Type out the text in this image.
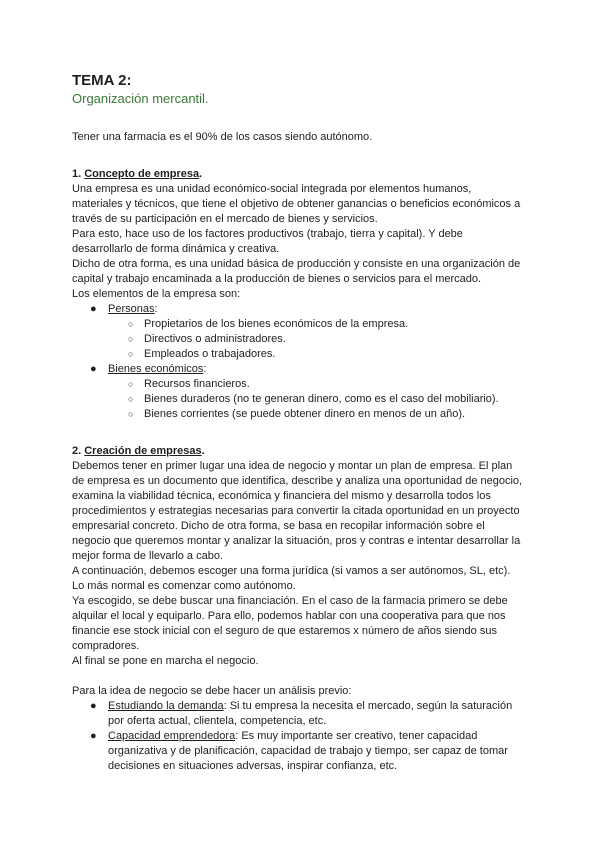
TEMA 2:

Organización mercantil.

Tener una farmacia es el 90% de los casos siendo autónomo.

1. Concepto de empresa.

Una empresa es una unidad económico-social integrada por elementos humanos,

materiales y técnicos, que tiene el objetivo de obtener ganancias o beneficios económicos a

través de su participación en el mercado de bienes y servicios.

Para esto, hace uso de los factores productivos (trabajo, tierra y capital). Y debe

desarrollarlo de forma dinámica y creativa.

Dicho de otra forma, es una unidad básica de producción y consiste en una organización de

capital y trabajo encaminada a la producción de bienes o servicios para el mercado.

Los elementos de la empresa son:

● Personas:
○ Propietarios de los bienes económicos de la empresa.
○ Directivos o administradores.
○ Empleados o trabajadores.
● Bienes económicos:
○ Recursos financieros.
○ Bienes duraderos (no te generan dinero, como es el caso del mobiliario).
○ Bienes corrientes (se puede obtener dinero en menos de un año).
2. Creación de empresas.

Debemos tener en primer lugar una idea de negocio y montar un plan de empresa. El plan

de empresa es un documento que identifica, describe y analiza una oportunidad de negocio,

examina la viabilidad técnica, económica y financiera del mismo y desarrolla todos los

procedimientos y estrategias necesarias para convertir la citada oportunidad en un proyecto

empresarial concreto. Dicho de otra forma, se basa en recopilar información sobre el

negocio que queremos montar y analizar la situación, pros y contras e intentar desarrollar la

mejor forma de llevarlo a cabo.

A continuación, debemos escoger una forma jurídica (si vamos a ser autónomos, SL, etc).

Lo más normal es comenzar como autónomo.

Ya escogido, se debe buscar una financiación. En el caso de la farmacia primero se debe

alquilar el local y equiparlo. Para ello, podemos hablar con una cooperativa para que nos

financie ese stock inicial con el seguro de que estaremos x número de años siendo sus

compradores.

Al final se pone en marcha el negocio.

Para la idea de negocio se debe hacer un análisis previo:

● Estudiando la demanda: Si tu empresa la necesita el mercado, según la saturación
por oferta actual, clientela, competencia, etc.
● Capacidad emprendedora: Es muy importante ser creativo, tener capacidad
organizativa y de planificación, capacidad de trabajo y tiempo, ser capaz de tomar
decisiones en situaciones adversas, inspirar confianza, etc.
